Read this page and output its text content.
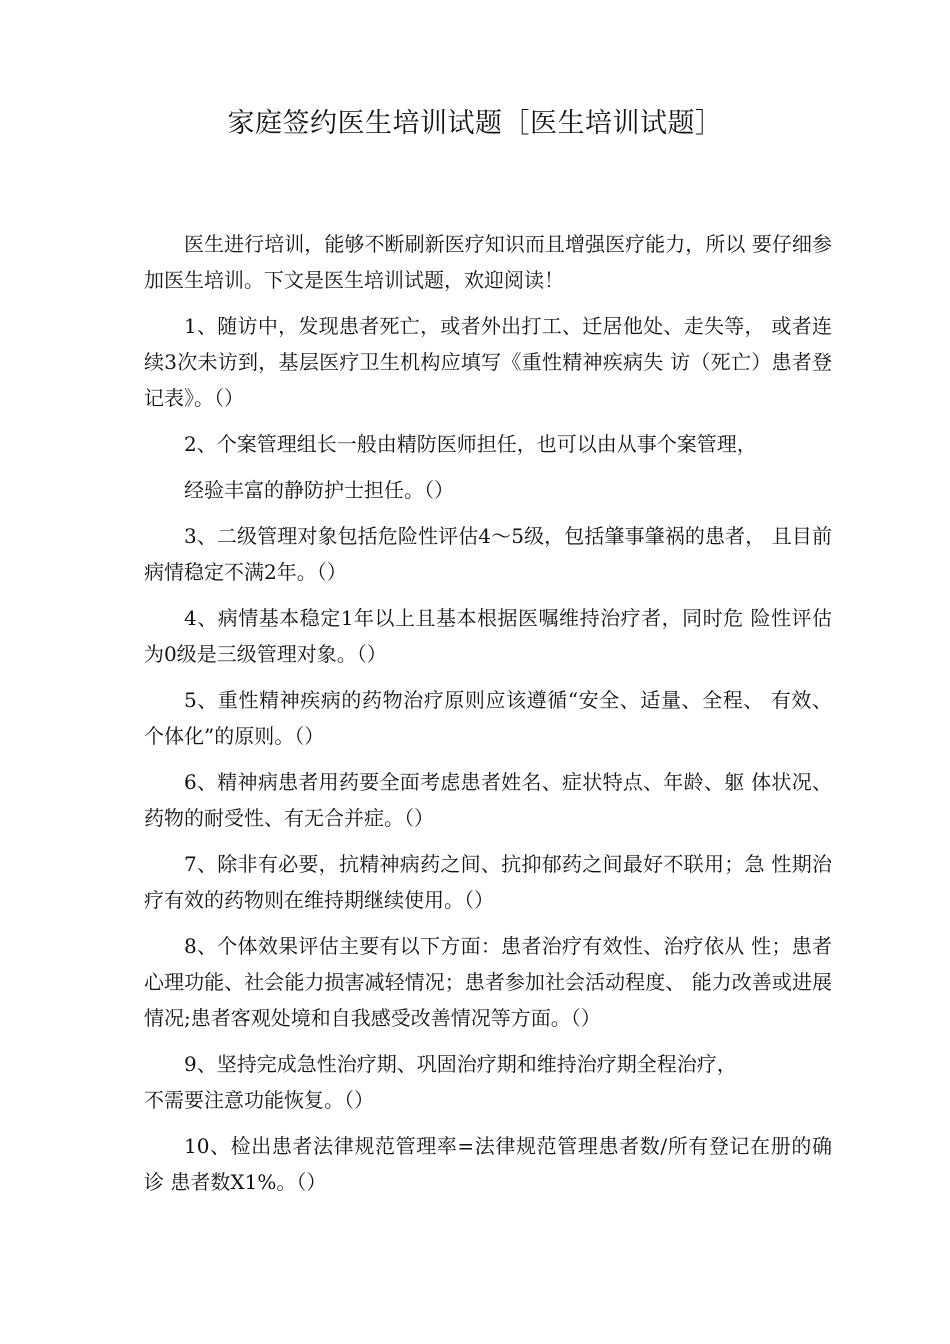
家庭签约医生培训试题［医生培训试题］

医生进行培训，能够不断刷新医疗知识而且增强医疗能力，所以 要仔细参加医生培训。下文是医生培训试题，欢迎阅读！

1、随访中，发现患者死亡，或者外出打工、迁居他处、走失等， 或者连续3次未访到，基层医疗卫生机构应填写《重性精神疾病失 访（死亡）患者登记表》。（）

2、个案管理组长一般由精防医师担任，也可以由从事个案管理，

经验丰富的静防护士担任。（）

3、二级管理对象包括危险性评估4〜5级，包括肇事肇祸的患者， 且目前病情稳定不满2年。（）

4、病情基本稳定1年以上且基本根据医嘱维持治疗者，同时危 险性评估为0级是三级管理对象。（）

5、重性精神疾病的药物治疗原则应该遵循“安全、适量、全程、 有效、个体化”的原则。（）

6、精神病患者用药要全面考虑患者姓名、症状特点、年龄、躯 体状况、药物的耐受性、有无合并症。（）

7、除非有必要，抗精神病药之间、抗抑郁药之间最好不联用；急 性期治疗有效的药物则在维持期继续使用。（）

8、个体效果评估主要有以下方面：患者治疗有效性、治疗依从 性；患者心理功能、社会能力损害减轻情况；患者参加社会活动程度、 能力改善或进展情况;患者客观处境和自我感受改善情况等方面。（）

9、坚持完成急性治疗期、巩固治疗期和维持治疗期全程治疗，

不需要注意功能恢复。（）

10、检出患者法律规范管理率=法律规范管理患者数/所有登记在册的确诊 患者数X1%。（）
